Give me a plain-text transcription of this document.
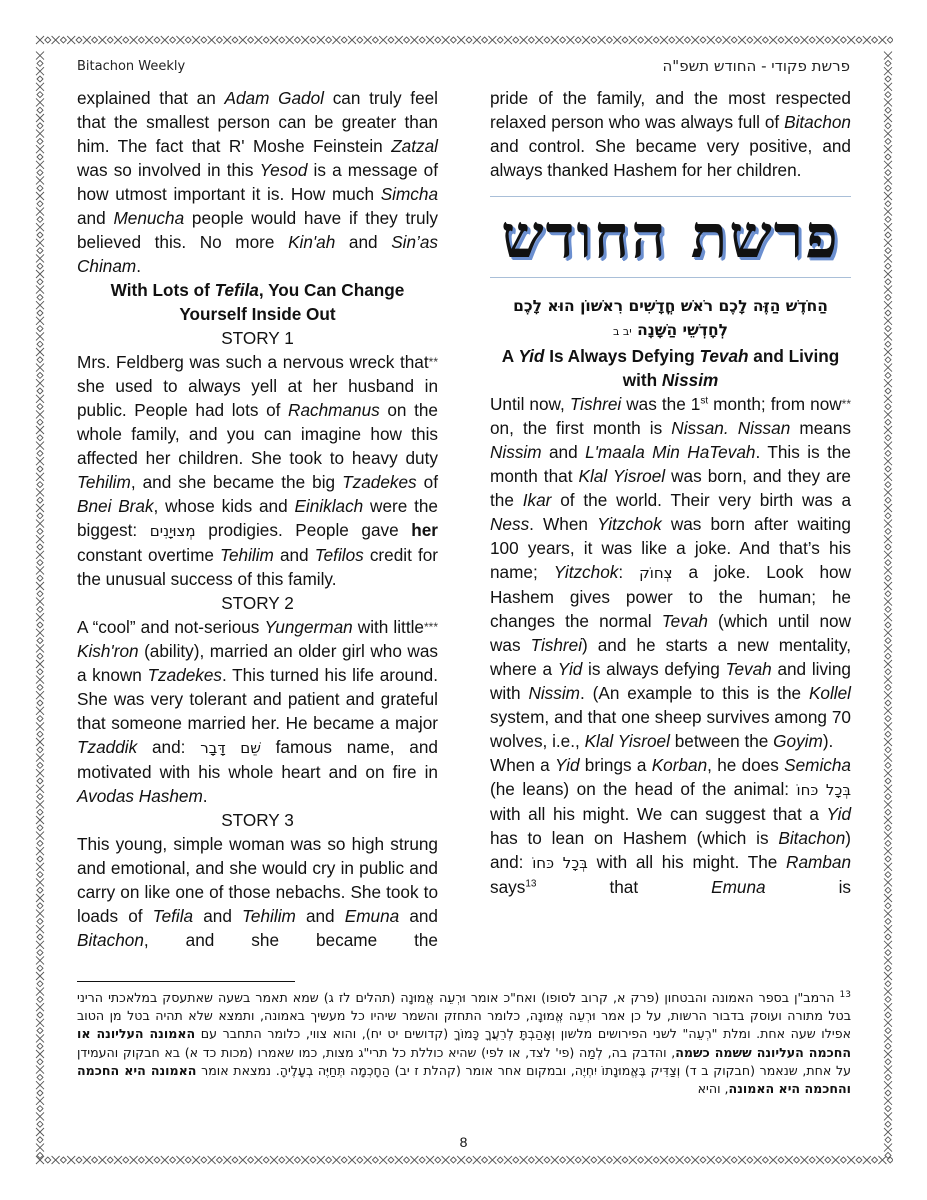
Bitachon Weekly	פרשת פקודי - החודש תשפ"ה

explained that an Adam Gadol can truly feel that the smallest person can be greater than him. The fact that R' Moshe Feinstein Zatzal was so involved in this Yesod is a message of how utmost important it is. How much Simcha and Menucha people would have if they truly believed this. No more Kin'ah and Sin’as Chinam.

With Lots of Tefila, You Can Change Yourself Inside Out

STORY 1

**
Mrs. Feldberg was such a nervous wreck that she used to always yell at her husband in public. People had lots of Rachmanus on the whole family, and you can imagine how this affected her children. She took to heavy duty Tehilim, and she became the big Tzadekes of Bnei Brak, whose kids and Einiklach were the biggest: מְצוּיָנִים prodigies. People gave her constant overtime Tehilim and Tefilos credit for the unusual success of this family.

STORY 2

***
A “cool” and not-serious Yungerman with little Kish'ron (ability), married an older girl who was a known Tzadekes. This turned his life around. She was very tolerant and patient and grateful that someone married her. He became a major Tzaddik and: שֵׁם דָּבָר famous name, and motivated with his whole heart and on fire in Avodas Hashem.

STORY 3

This young, simple woman was so high strung and emotional, and she would cry in public and carry on like one of those nebachs. She took to loads of Tefila and Tehilim and Emuna and Bitachon, and she became the

pride of the family, and the most respected relaxed person who was always full of Bitachon and control. She became very positive, and always thanked Hashem for her children.

פרשת החודש
הַחֹדֶשׁ הַזֶּה לָכֶם רֹאשׁ חֳדָשִׁים רִאשׁוֹן הוּא לָכֶם לְחָדְשֵׁי הַשָּׁנָה יב ב

A Yid Is Always Defying Tevah and Living with Nissim

**
Until now, Tishrei was the 1st month; from now on, the first month is Nissan. Nissan means Nissim and L'maala Min HaTevah. This is the month that Klal Yisroel was born, and they are the Ikar of the world. Their very birth was a Ness. When Yitzchok was born after waiting 100 years, it was like a joke. And that’s his name; Yitzchok: צְחוֹק a joke. Look how Hashem gives power to the human; he changes the normal Tevah (which until now was Tishrei) and he starts a new mentality, where a Yid is always defying Tevah and living with Nissim. (An example to this is the Kollel system, and that one sheep survives among 70 wolves, i.e., Klal Yisroel between the Goyim).

When a Yid brings a Korban, he does Semicha (he leans) on the head of the animal: בְּכָל כּחוֹ with all his might. We can suggest that a Yid has to lean on Hashem (which is Bitachon) and: בְּכָל כּחוֹ with all his might. The Ramban says$^{13}$ that Emuna is

$^{13}$ הרמב"ן בספר האמונה והבטחון (פרק א, קרוב לסופו) ואח"כ אומר וּרְעֵה אֱמוּנָה (תהלים לז ג) שמא תאמר בשעה שאתעסק במלאכתי הריני בטל מתורה ועוסק בדבור הרשות, על כן אמר וּרְעֵה אֱמוּנָה, כלומר התחזק והשמר שיהיו כל מעשיך באמונה, ותמצא שלא תהיה בטל מן הטוב אפילו שעה אחת. ומלת "רְעֵה" לשני הפירושים מלשון וְאָהַבְתָּ לְרֵעֲךָ כָּמוֹךָ (קדושים יט יח), והוא צווי, כלומר התחבר עם האמונה העליונה או החכמה העליונה ששמה כשמה, והדבק בה, לְמַה (פי' לצד, או לפי) שהיא כוללת כל תרי"ג מצות, כמו שאמרו (מכות כד א) בא חבקוק והעמידן על אחת, שנאמר (חבקוק ב ד) וְצַדִּיק בֶּאֱמוּנָתוֹ יִחְיֶה, ובמקום אחר אומר (קהלת ז יב) הַחָכְמָה תְּחַיֶּה בְעָלֶיהָ. נמצאת אומר האמונה היא החכמה והחכמה היא האמונה, והיא
8
